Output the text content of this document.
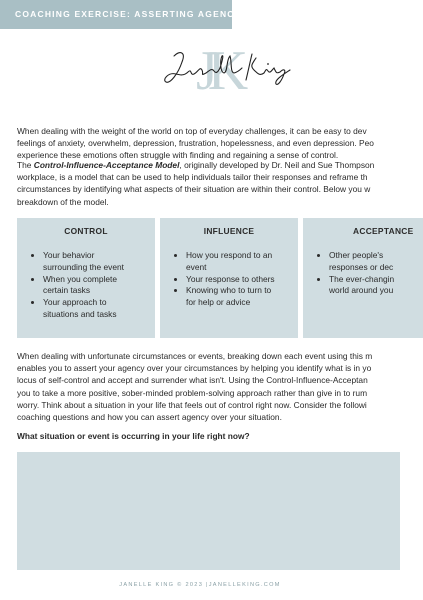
COACHING EXERCISE: ASSERTING AGENCY
JK
When dealing with the weight of the world on top of everyday challenges, it can be easy to dev
feelings of anxiety, overwhelm, depression, frustration, hopelessness, and even depression. Peo
experience these emotions often struggle with finding and regaining a sense of control.
The Control-Influence-Acceptance Model, originally developed by Dr. Neil and Sue Thompson
workplace, is a model that can be used to help individuals tailor their responses and reframe th
circumstances by identifying what aspects of their situation are within their control. Below you w
breakdown of the model.
CONTROL
• Your behavior
surrounding the event
• When you complete
certain tasks
• Your approach to
situations and tasks
INFLUENCE
• How you respond to an
event
• Your response to others
• Knowing who to turn to
for help or advice
ACCEPTANCE
• Other people's
responses or dec
• The ever-changin
world around you
When dealing with unfortunate circumstances or events, breaking down each event using this m
enables you to assert your agency over your circumstances by helping you identify what is in yo
locus of self-control and accept and surrender what isn't. Using the Control-Influence-Acceptan
you to take a more positive, sober-minded problem-solving approach rather than give in to rum
worry. Think about a situation in your life that feels out of control right now. Consider the followi
coaching questions and how you can assert agency over your situation.
What situation or event is occurring in your life right now?
JANELLE KING © 2023 |JANELLEKING.COM
